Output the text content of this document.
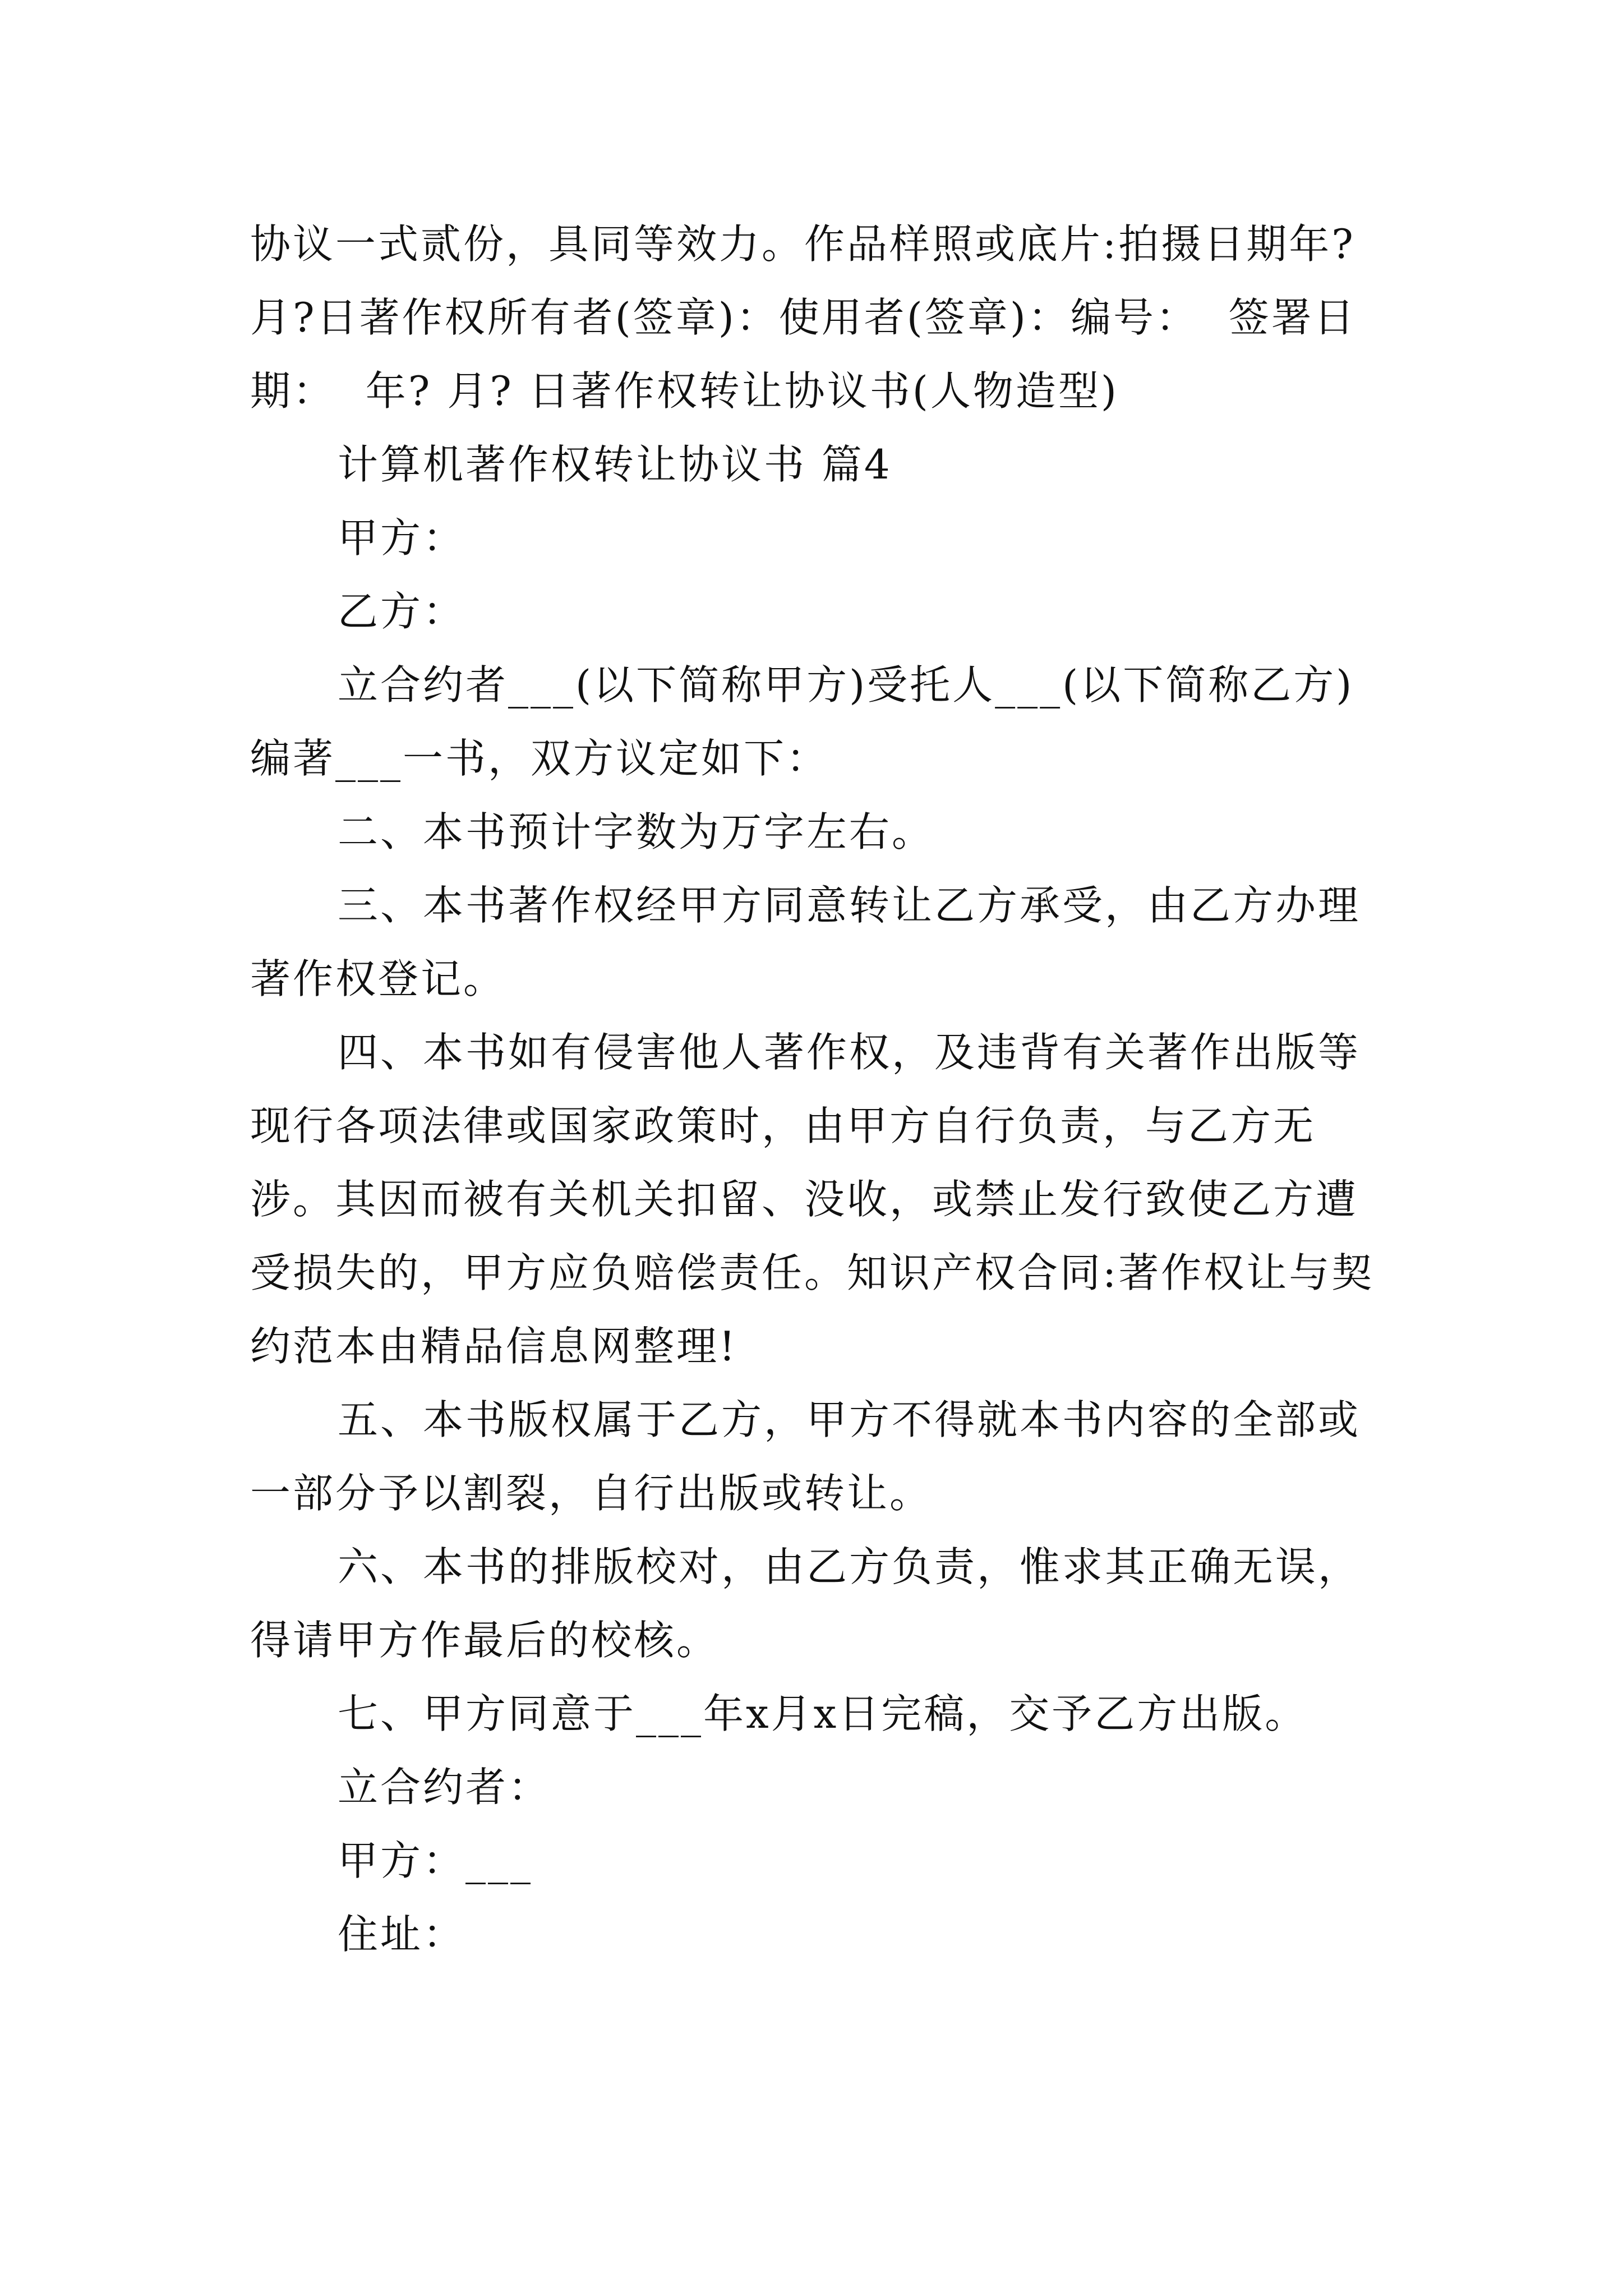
协议一式贰份，具同等效力。作品样照或底片:拍摄日期年?月?日著作权所有者(签章)：使用者(签章)：编号：  签署日期：  年? 月? 日著作权转让协议书(人物造型)

计算机著作权转让协议书 篇4

甲方：

乙方：

立合约者___(以下简称甲方)受托人___(以下简称乙方)编著___一书，双方议定如下：

二、本书预计字数为万字左右。

三、本书著作权经甲方同意转让乙方承受，由乙方办理著作权登记。

四、本书如有侵害他人著作权，及违背有关著作出版等现行各项法律或国家政策时，由甲方自行负责，与乙方无涉。其因而被有关机关扣留、没收，或禁止发行致使乙方遭受损失的，甲方应负赔偿责任。知识产权合同:著作权让与契约范本由精品信息网整理!

五、本书版权属于乙方，甲方不得就本书内容的全部或一部分予以割裂，自行出版或转让。

六、本书的排版校对，由乙方负责，惟求其正确无误，得请甲方作最后的校核。

七、甲方同意于___年x月x日完稿，交予乙方出版。

立合约者：

甲方：___

住址：
